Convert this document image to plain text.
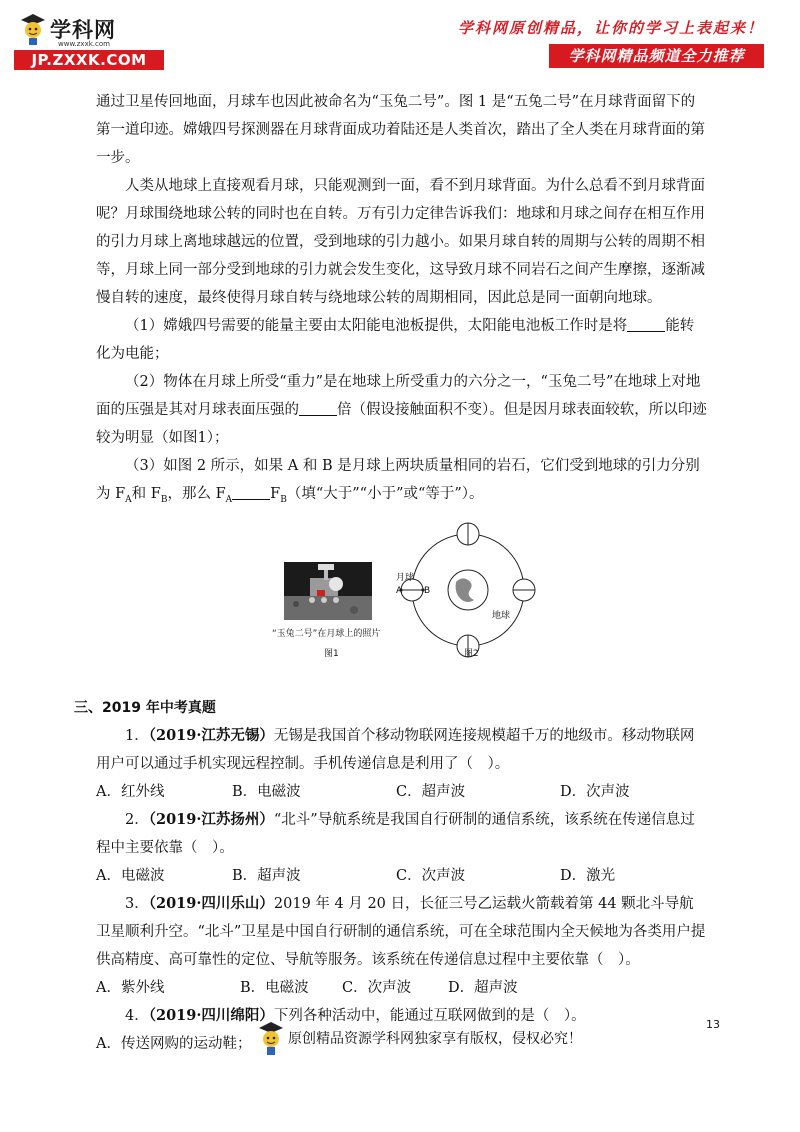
学科网
www.zxxk.com
JP.ZXXK.COM
学科网原创精品，让你的学习上表起来！
学科网精品频道全力推荐

通过卫星传回地面，月球车也因此被命名为“玉兔二号”。图 1 是“五兔二号”在月球背面留下的第一道印迹。嫦娥四号探测器在月球背面成功着陆还是人类首次，踏出了全人类在月球背面的第一步。

人类从地球上直接观看月球，只能观测到一面，看不到月球背面。为什么总看不到月球背面呢？月球围绕地球公转的同时也在自转。万有引力定律告诉我们：地球和月球之间存在相互作用的引力月球上离地球越远的位置，受到地球的引力越小。如果月球自转的周期与公转的周期不相等，月球上同一部分受到地球的引力就会发生变化，这导致月球不同岩石之间产生摩擦，逐渐减慢自转的速度，最终使得月球自转与绕地球公转的周期相同，因此总是同一面朝向地球。

（1）嫦娥四号需要的能量主要由太阳能电池板提供，太阳能电池板工作时是将	能转化为电能；

（2）物体在月球上所受“重力”是在地球上所受重力的六分之一，“玉兔二号”在地球上对地面的压强是其对月球表面压强的	倍（假设接触面积不变）。但是因月球表面较软，所以印迹较为明显（如图1）；

（3）如图 2 所示，如果 A 和 B 是月球上两块质量相同的岩石，它们受到地球的引力分别为 $F_A$和 $F_B$，那么 $F_A$	$F_B$（填“大于”“小于”或“等于”）。

“玉兔二号”在月球上的照片
图1
月球
地球
A B
图2

三、2019 年中考真题

1．（2019·江苏无锡）无锡是我国首个移动物联网连接规模超千万的地级市。移动物联网用户可以通过手机实现远程控制。手机传递信息是利用了（　）。

A．红外线	B．电磁波	C．超声波	D．次声波

2．（2019·江苏扬州）“北斗”导航系统是我国自行研制的通信系统，该系统在传递信息过程中主要依靠（　）。

A．电磁波	B．超声波	C．次声波	D．激光

3．（2019·四川乐山）2019 年 4 月 20 日，长征三号乙运载火箭载着第 44 颗北斗导航卫星顺利升空。“北斗”卫星是中国自行研制的通信系统，可在全球范围内全天候地为各类用户提供高精度、高可靠性的定位、导航等服务。该系统在传递信息过程中主要依靠（　）。

A．紫外线	B．电磁波	C．次声波	D．超声波

4．（2019·四川绵阳）下列各种活动中，能通过互联网做到的是（　）。

A．传送网购的运动鞋；
13
原创精品资源学科网独家享有版权，侵权必究！
